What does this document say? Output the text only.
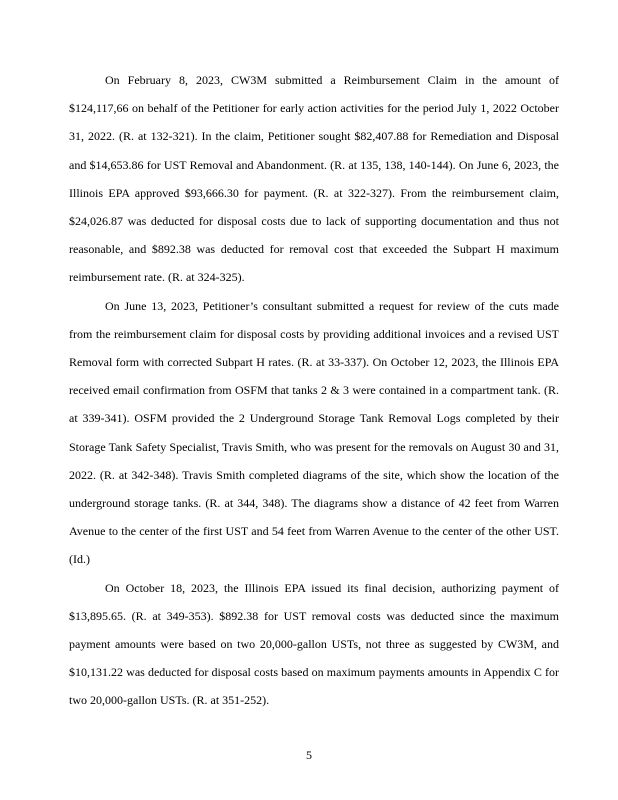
On February 8, 2023, CW3M submitted a Reimbursement Claim in the amount of $124,117,66 on behalf of the Petitioner for early action activities for the period July 1, 2022 October 31, 2022. (R. at 132-321). In the claim, Petitioner sought $82,407.88 for Remediation and Disposal and $14,653.86 for UST Removal and Abandonment. (R. at 135, 138, 140-144). On June 6, 2023, the Illinois EPA approved $93,666.30 for payment. (R. at 322-327). From the reimbursement claim, $24,026.87 was deducted for disposal costs due to lack of supporting documentation and thus not reasonable, and $892.38 was deducted for removal cost that exceeded the Subpart H maximum reimbursement rate. (R. at 324-325).

On June 13, 2023, Petitioner’s consultant submitted a request for review of the cuts made from the reimbursement claim for disposal costs by providing additional invoices and a revised UST Removal form with corrected Subpart H rates. (R. at 33-337). On October 12, 2023, the Illinois EPA received email confirmation from OSFM that tanks 2 & 3 were contained in a compartment tank. (R. at 339-341). OSFM provided the 2 Underground Storage Tank Removal Logs completed by their Storage Tank Safety Specialist, Travis Smith, who was present for the removals on August 30 and 31, 2022. (R. at 342-348). Travis Smith completed diagrams of the site, which show the location of the underground storage tanks. (R. at 344, 348). The diagrams show a distance of 42 feet from Warren Avenue to the center of the first UST and 54 feet from Warren Avenue to the center of the other UST. (Id.)

On October 18, 2023, the Illinois EPA issued its final decision, authorizing payment of $13,895.65. (R. at 349-353). $892.38 for UST removal costs was deducted since the maximum payment amounts were based on two 20,000-gallon USTs, not three as suggested by CW3M, and $10,131.22 was deducted for disposal costs based on maximum payments amounts in Appendix C for two 20,000-gallon USTs. (R. at 351-252).

5
